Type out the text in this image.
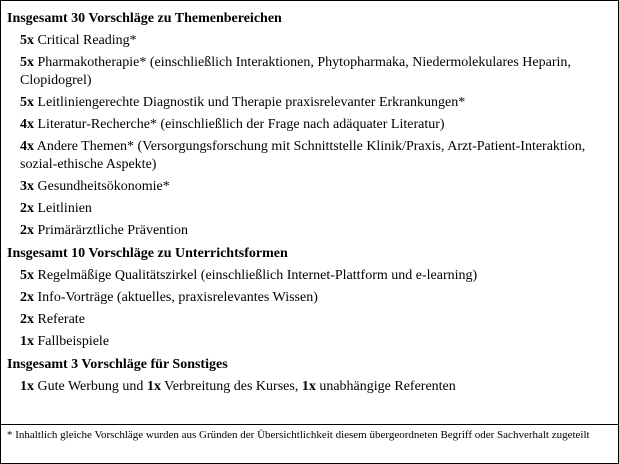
Insgesamt 30 Vorschläge zu Themenbereichen
5x Critical Reading*
5x Pharmakotherapie* (einschließlich Interaktionen, Phytopharmaka, Niedermolekulares Heparin, Clopidogrel)
5x Leitliniengerechte Diagnostik und Therapie praxisrelevanter Erkrankungen*
4x Literatur-Recherche* (einschließlich der Frage nach adäquater Literatur)
4x Andere Themen* (Versorgungsforschung mit Schnittstelle Klinik/Praxis, Arzt-Patient-Interaktion, sozial-ethische Aspekte)
3x Gesundheitsökonomie*
2x Leitlinien
2x Primärärztliche Prävention
Insgesamt 10 Vorschläge zu Unterrichtsformen
5x Regelmäßige Qualitätszirkel (einschließlich Internet-Plattform und e-learning)
2x Info-Vorträge (aktuelles, praxisrelevantes Wissen)
2x Referate
1x Fallbeispiele
Insgesamt 3 Vorschläge für Sonstiges
1x Gute Werbung und 1x Verbreitung des Kurses, 1x unabhängige Referenten
* Inhaltlich gleiche Vorschläge wurden aus Gründen der Übersichtlichkeit diesem übergeordneten Begriff oder Sachverhalt zugeteilt
